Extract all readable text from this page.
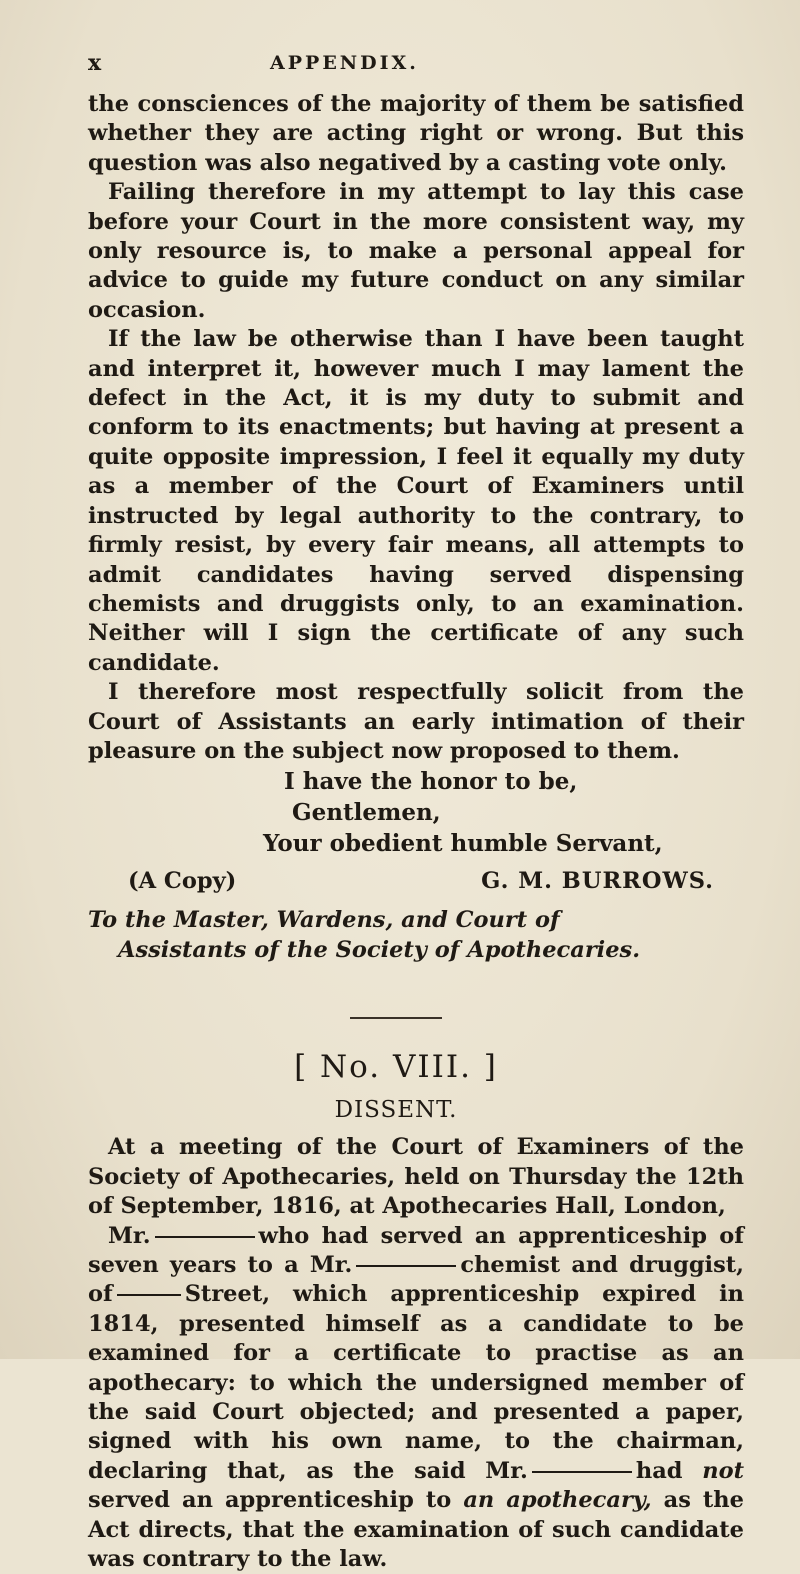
x	APPENDIX.

the consciences of the majority of them be satisfied whether they are acting right or wrong. But this question was also negatived by a casting vote only.

Failing therefore in my attempt to lay this case before your Court in the more consistent way, my only resource is, to make a personal appeal for advice to guide my future conduct on any similar occasion.

If the law be otherwise than I have been taught and interpret it, however much I may lament the defect in the Act, it is my duty to submit and conform to its enactments; but having at present a quite opposite impression, I feel it equally my duty as a member of the Court of Examiners until instructed by legal authority to the contrary, to firmly resist, by every fair means, all attempts to admit candidates having served dispensing chemists and druggists only, to an examination. Neither will I sign the certificate of any such candidate.

I therefore most respectfully solicit from the Court of Assistants an early intimation of their pleasure on the subject now proposed to them.

I have the honor to be,

Gentlemen,

Your obedient humble Servant,

(A Copy)	G. M. BURROWS.
To the Master, Wardens, and Court of
Assistants of the Society of Apothecaries.
[ No. VIII. ]
DISSENT.

At a meeting of the Court of Examiners of the Society of Apothecaries, held on Thursday the 12th of September, 1816, at Apothecaries Hall, London,

Mr.	who had served an apprenticeship of seven years to a Mr.	chemist and druggist, of	Street, which apprenticeship expired in 1814, presented himself as a candidate to be examined for a certificate to practise as an apothecary: to which the undersigned member of the said Court objected; and presented a paper, signed with his own name, to the chairman, declaring that, as the said Mr.	had not served an apprenticeship to an apothecary, as the Act directs, that the examination of such candidate was contrary to the law.
